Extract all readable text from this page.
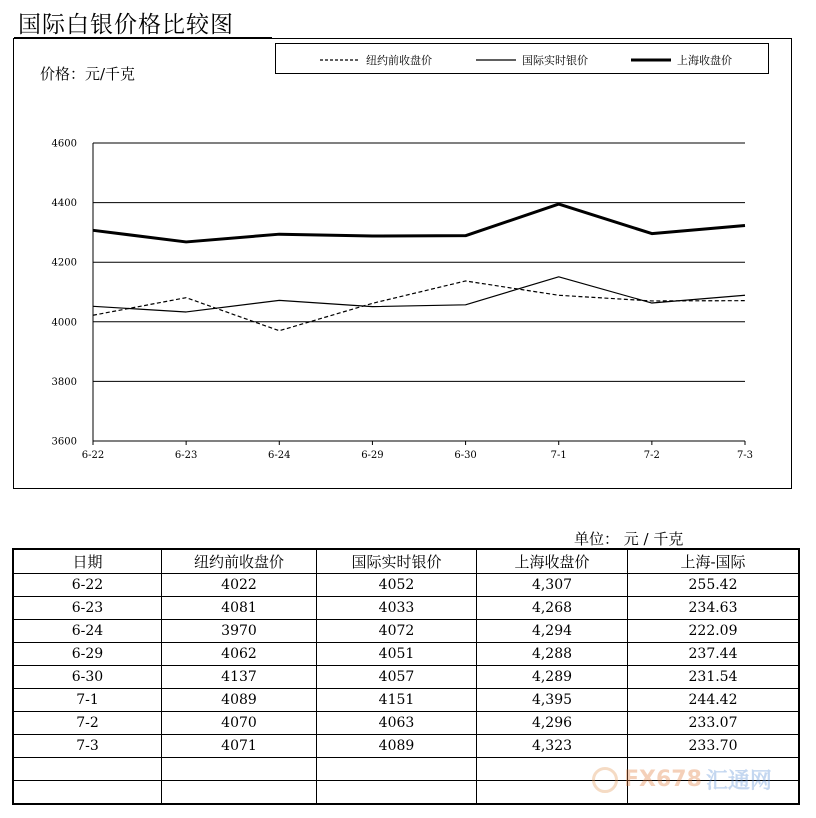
国际白银价格比较图
价格：元/千克
纽约前收盘价	国际实时银价	上海收盘价
3600
3800
4000
4200
4400
4600
6-22	6-23	6-24	6-29	6-30	7-1	7-2	7-3
单位： 元 / 千克
日期	纽约前收盘价	国际实时银价	上海收盘价	上海-国际
6-22	4022	4052	4,307	255.42
6-23	4081	4033	4,268	234.63
6-24	3970	4072	4,294	222.09
6-29	4062	4051	4,288	237.44
6-30	4137	4057	4,289	231.54
7-1	4089	4151	4,395	244.42
7-2	4070	4063	4,296	233.07
7-3	4071	4089	4,323	233.70

FX678 汇通网
